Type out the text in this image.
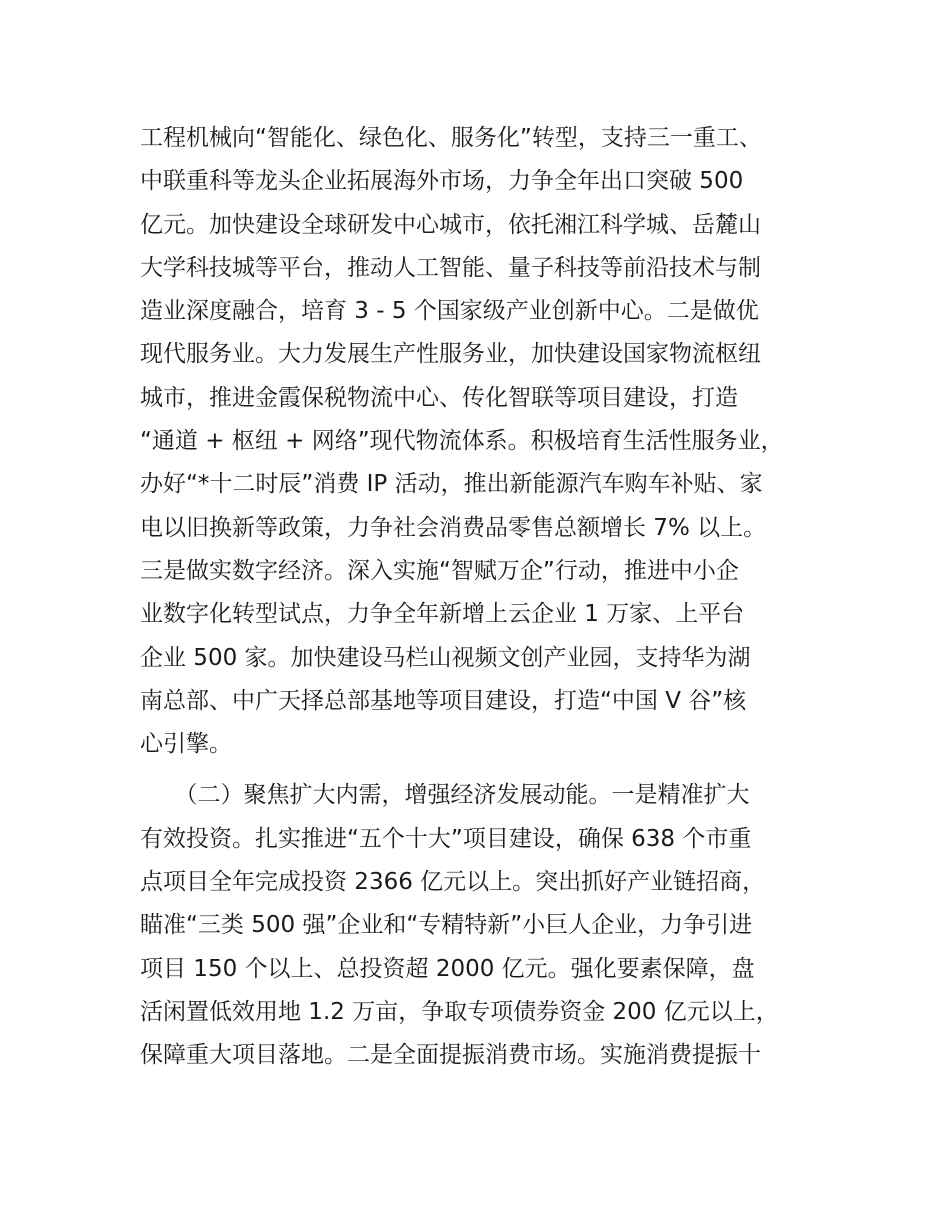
工程机械向“智能化、绿色化、服务化”转型，支持三一重工、
中联重科等龙头企业拓展海外市场，力争全年出口突破 500
亿元。加快建设全球研发中心城市，依托湘江科学城、岳麓山
大学科技城等平台，推动人工智能、量子科技等前沿技术与制
造业深度融合，培育 3 - 5 个国家级产业创新中心。二是做优
现代服务业。大力发展生产性服务业，加快建设国家物流枢纽
城市，推进金霞保税物流中心、传化智联等项目建设，打造
“通道 + 枢纽 + 网络”现代物流体系。积极培育生活性服务业，
办好“*十二时辰”消费 IP 活动，推出新能源汽车购车补贴、家
电以旧换新等政策，力争社会消费品零售总额增长 7% 以上。
三是做实数字经济。深入实施“智赋万企”行动，推进中小企
业数字化转型试点，力争全年新增上云企业 1 万家、上平台
企业 500 家。加快建设马栏山视频文创产业园，支持华为湖
南总部、中广天择总部基地等项目建设，打造“中国 V 谷”核
心引擎。
　　（二）聚焦扩大内需，增强经济发展动能。一是精准扩大
有效投资。扎实推进“五个十大”项目建设，确保 638 个市重
点项目全年完成投资 2366 亿元以上。突出抓好产业链招商，
瞄准“三类 500 强”企业和“专精特新”小巨人企业，力争引进
项目 150 个以上、总投资超 2000 亿元。强化要素保障，盘
活闲置低效用地 1.2 万亩，争取专项债券资金 200 亿元以上，
保障重大项目落地。二是全面提振消费市场。实施消费提振十
